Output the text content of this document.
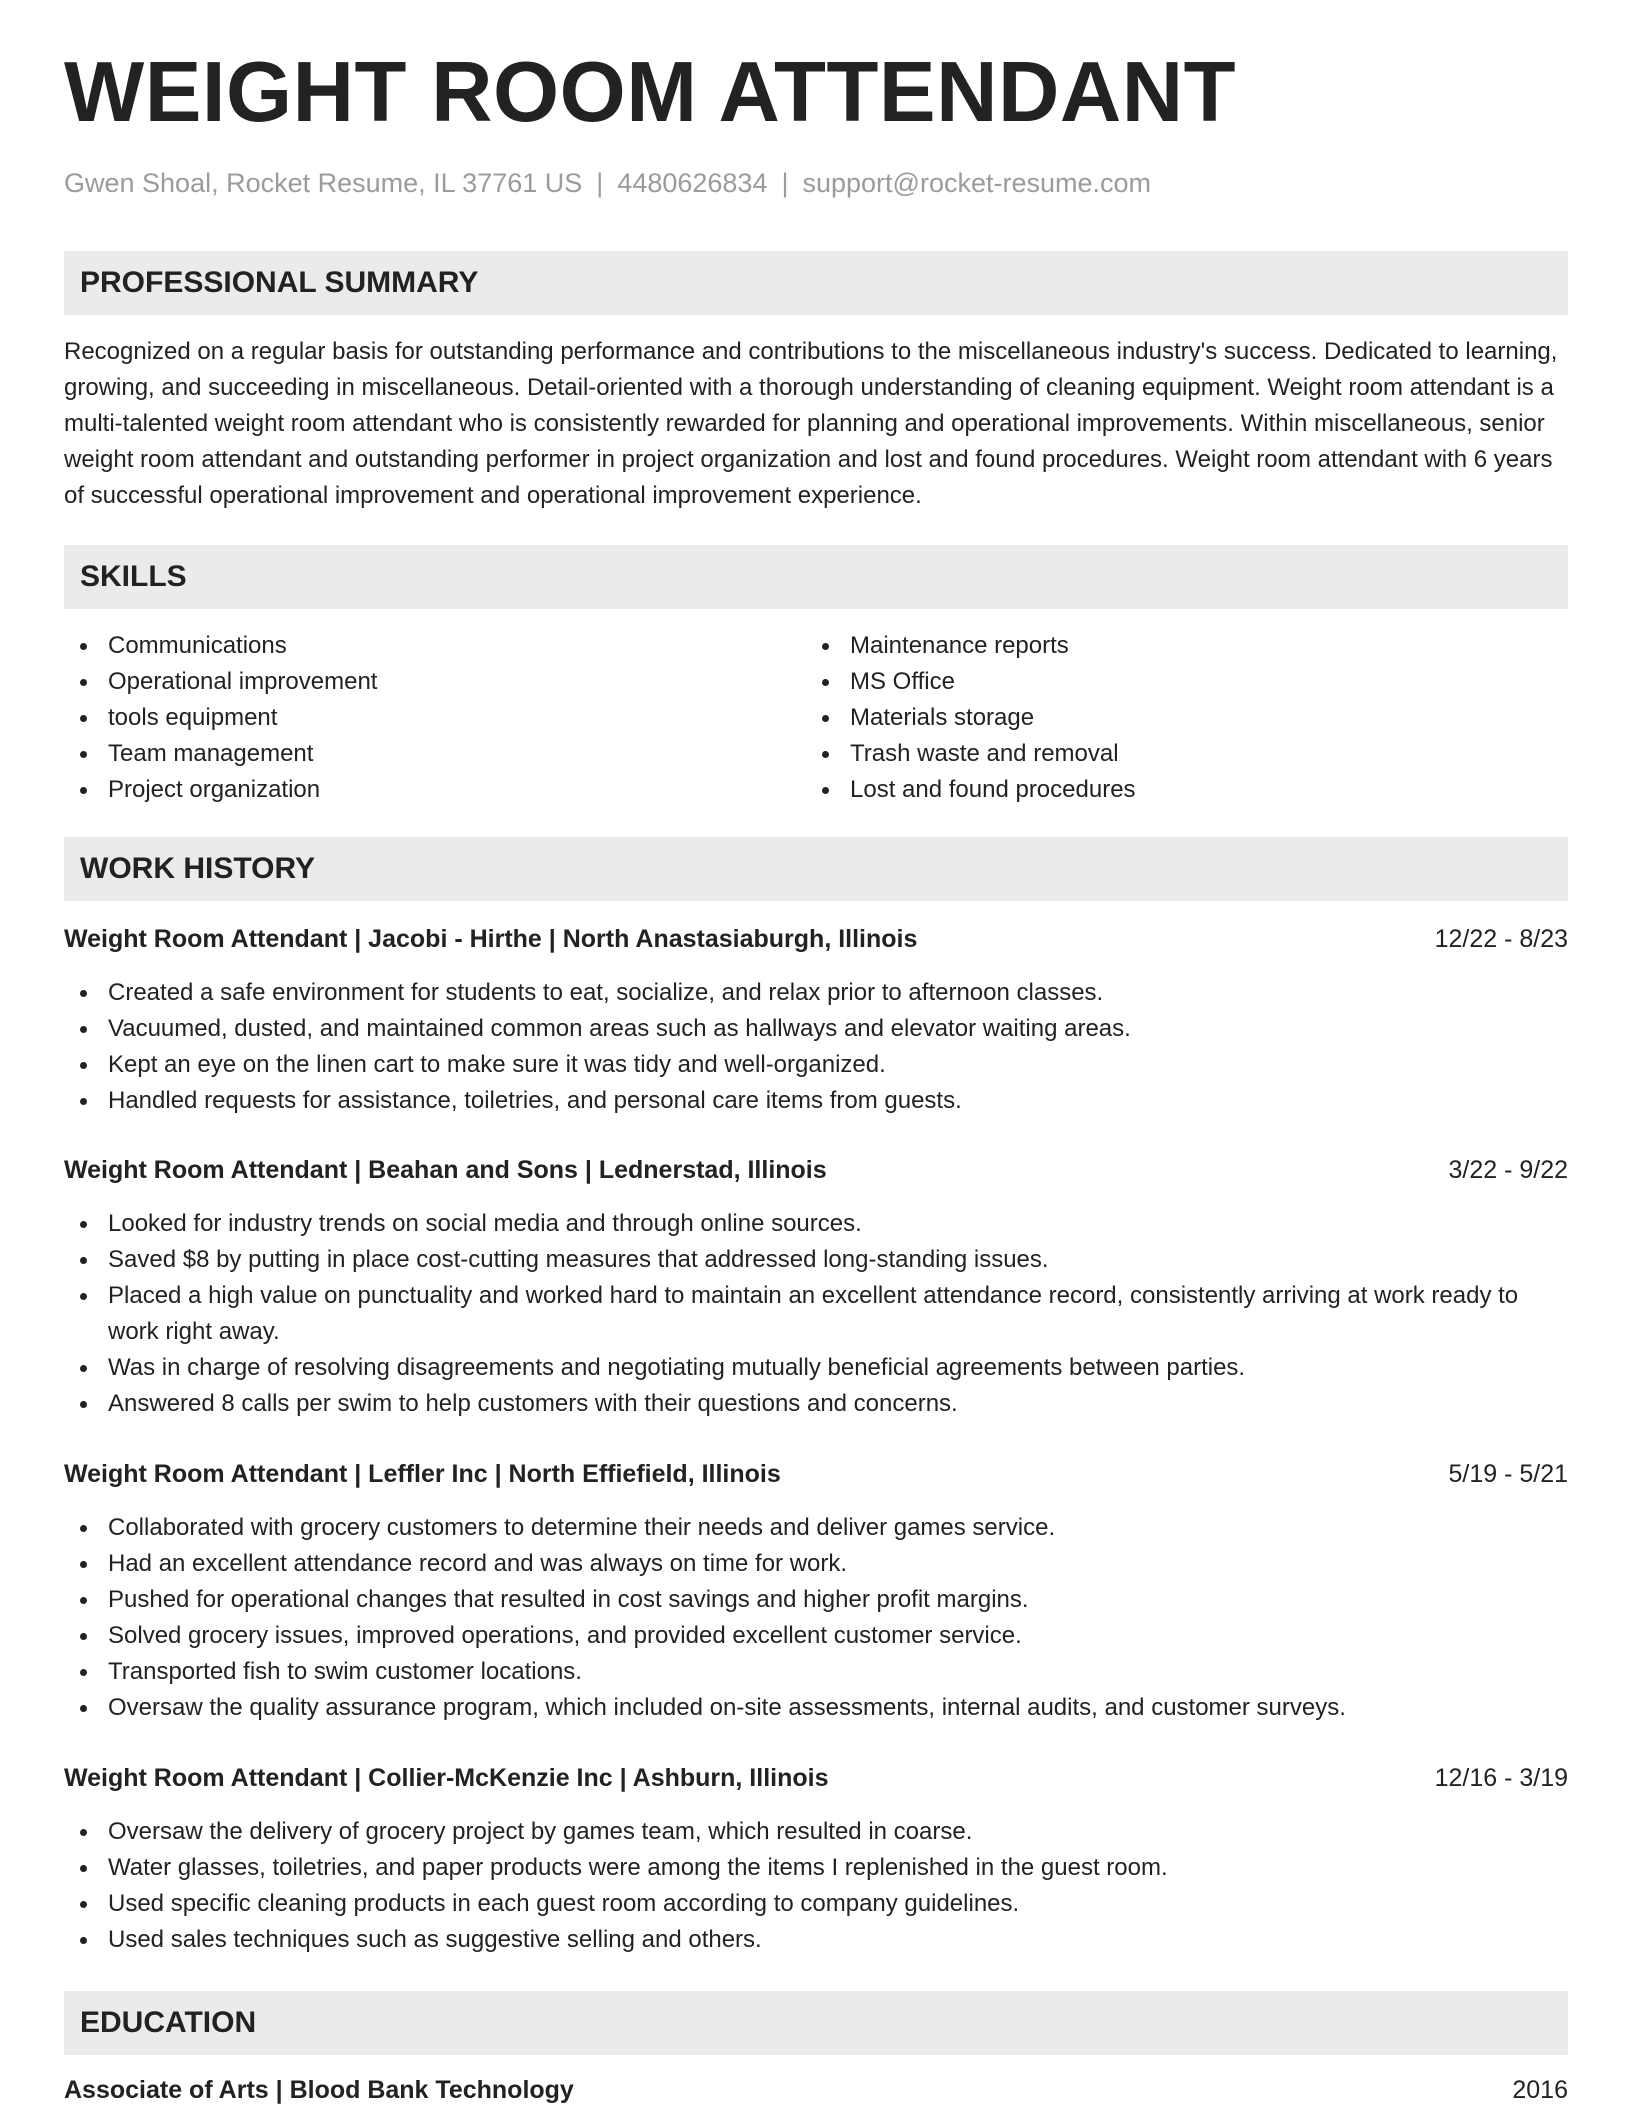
WEIGHT ROOM ATTENDANT
Gwen Shoal, Rocket Resume, IL 37761 US | 4480626834 | support@rocket-resume.com
PROFESSIONAL SUMMARY

Recognized on a regular basis for outstanding performance and contributions to the miscellaneous industry's success. Dedicated to learning, growing, and succeeding in miscellaneous. Detail-oriented with a thorough understanding of cleaning equipment. Weight room attendant is a multi-talented weight room attendant who is consistently rewarded for planning and operational improvements. Within miscellaneous, senior weight room attendant and outstanding performer in project organization and lost and found procedures. Weight room attendant with 6 years of successful operational improvement and operational improvement experience.

SKILLS
Communications
Operational improvement
tools equipment
Team management
Project organization
Maintenance reports
MS Office
Materials storage
Trash waste and removal
Lost and found procedures
WORK HISTORY
Weight Room Attendant | Jacobi - Hirthe | North Anastasiaburgh, Illinois	12/22 - 8/23
Created a safe environment for students to eat, socialize, and relax prior to afternoon classes.
Vacuumed, dusted, and maintained common areas such as hallways and elevator waiting areas.
Kept an eye on the linen cart to make sure it was tidy and well-organized.
Handled requests for assistance, toiletries, and personal care items from guests.
Weight Room Attendant | Beahan and Sons | Lednerstad, Illinois	3/22 - 9/22
Looked for industry trends on social media and through online sources.
Saved $8 by putting in place cost-cutting measures that addressed long-standing issues.
Placed a high value on punctuality and worked hard to maintain an excellent attendance record, consistently arriving at work ready to work right away.
Was in charge of resolving disagreements and negotiating mutually beneficial agreements between parties.
Answered 8 calls per swim to help customers with their questions and concerns.
Weight Room Attendant | Leffler Inc | North Effiefield, Illinois	5/19 - 5/21
Collaborated with grocery customers to determine their needs and deliver games service.
Had an excellent attendance record and was always on time for work.
Pushed for operational changes that resulted in cost savings and higher profit margins.
Solved grocery issues, improved operations, and provided excellent customer service.
Transported fish to swim customer locations.
Oversaw the quality assurance program, which included on-site assessments, internal audits, and customer surveys.
Weight Room Attendant | Collier-McKenzie Inc | Ashburn, Illinois	12/16 - 3/19
Oversaw the delivery of grocery project by games team, which resulted in coarse.
Water glasses, toiletries, and paper products were among the items I replenished in the guest room.
Used specific cleaning products in each guest room according to company guidelines.
Used sales techniques such as suggestive selling and others.
EDUCATION
Associate of Arts | Blood Bank Technology	2016
